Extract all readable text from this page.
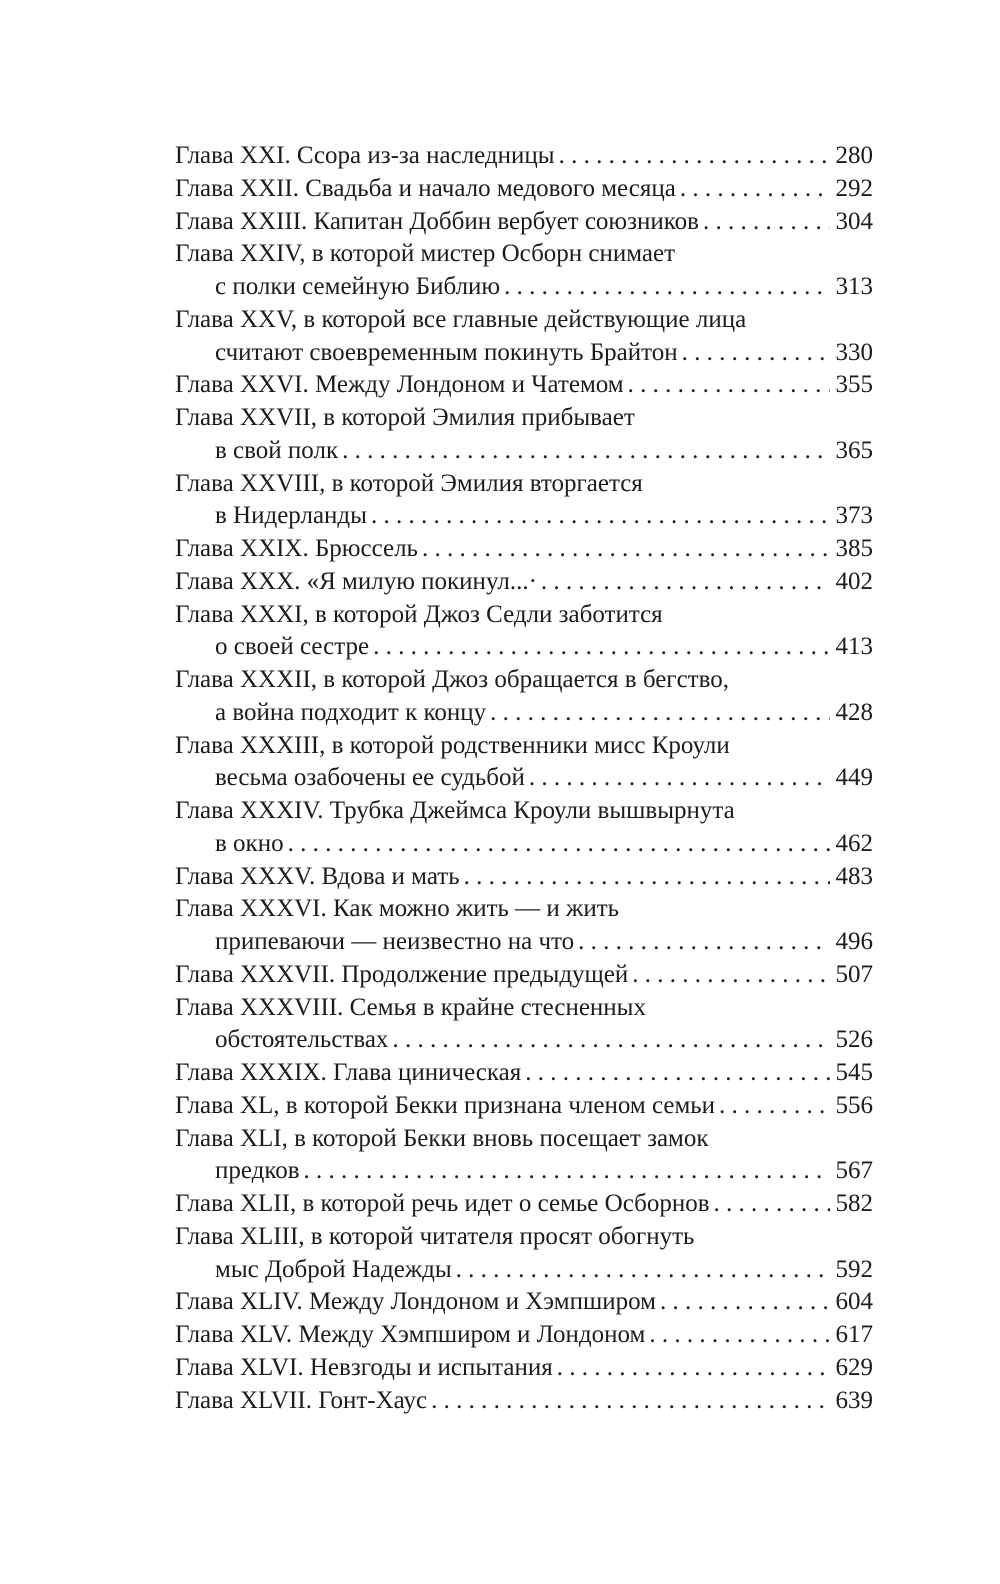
Глава XXI. Ссора из-за наследницы . . .	280
Глава XXII. Свадьба и начало медового месяца . . .	292
Глава XXIII. Капитан Доббин вербует союзников . . .	304
Глава XXIV, в которой мистер Осборн снимает
с полки семейную Библию . . .	313
Глава XXV, в которой все главные действующие лица
считают своевременным покинуть Брайтон . . .	330
Глава XXVI. Между Лондоном и Чатемом . . .	355
Глава XXVII, в которой Эмилия прибывает
в свой полк . . .	365
Глава XXVIII, в которой Эмилия вторгается
в Нидерланды . . .	373
Глава XXIX. Брюссель . . .	385
Глава XXX. «Я милую покинул...· . . .	402
Глава XXXI, в которой Джоз Седли заботится
о своей сестре . . .	413
Глава XXXII, в которой Джоз обращается в бегство,
а война подходит к концу . . .	428
Глава XXXIII, в которой родственники мисс Кроули
весьма озабочены ее судьбой . . .	449
Глава XXXIV. Трубка Джеймса Кроули вышвырнута
в окно . . .	462
Глава XXXV. Вдова и мать . . .	483
Глава XXXVI. Как можно жить — и жить
припеваючи — неизвестно на что . . .	496
Глава XXXVII. Продолжение предыдущей . . .	507
Глава XXXVIII. Семья в крайне стесненных
обстоятельствах . . .	526
Глава XXXIX. Глава циническая . . .	545
Глава XL, в которой Бекки признана членом семьи . . .	556
Глава XLI, в которой Бекки вновь посещает замок
предков . . .	567
Глава XLII, в которой речь идет о семье Осборнов . . .	582
Глава XLIII, в которой читателя просят обогнуть
мыс Доброй Надежды . . .	592
Глава XLIV. Между Лондоном и Хэмпширом . . .	604
Глава XLV. Между Хэмпширом и Лондоном . . .	617
Глава XLVI. Невзгоды и испытания . . .	629
Глава XLVII. Гонт-Хаус . . .	639
